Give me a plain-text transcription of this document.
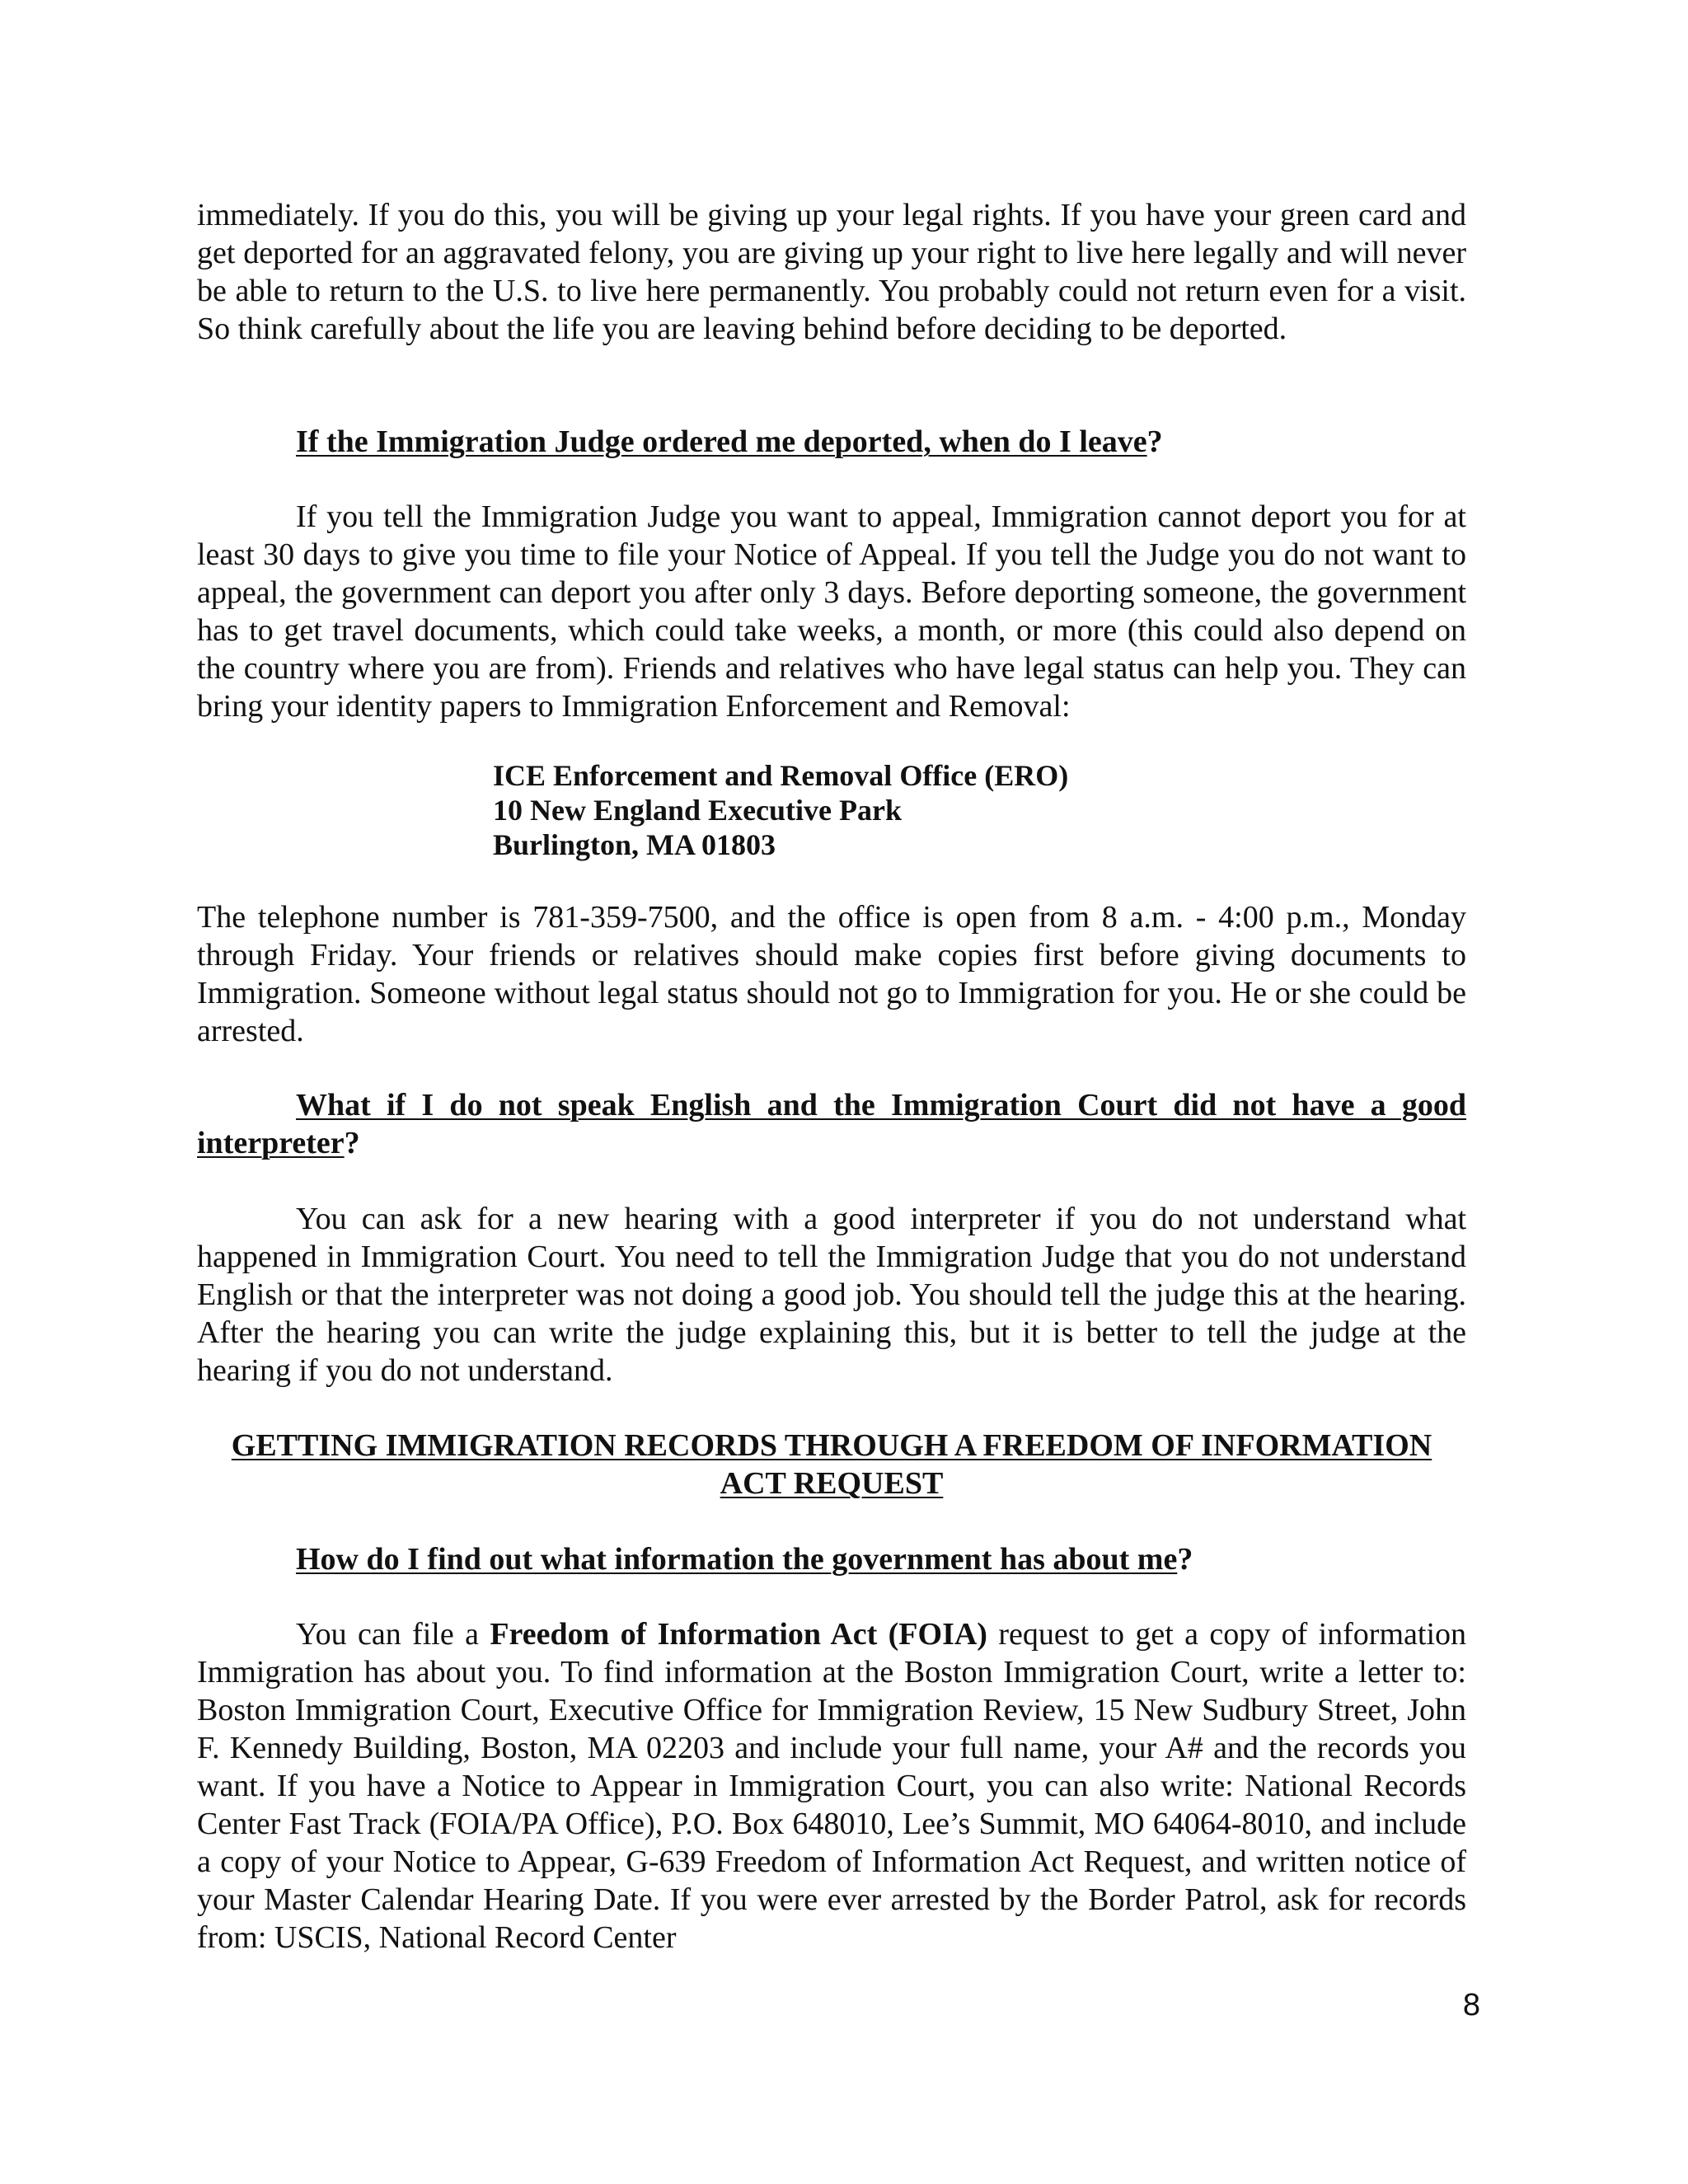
immediately. If you do this, you will be giving up your legal rights. If you have your green card and get deported for an aggravated felony, you are giving up your right to live here legally and will never be able to return to the U.S. to live here permanently. You probably could not return even for a visit. So think carefully about the life you are leaving behind before deciding to be deported.

If the Immigration Judge ordered me deported, when do I leave?

If you tell the Immigration Judge you want to appeal, Immigration cannot deport you for at least 30 days to give you time to file your Notice of Appeal. If you tell the Judge you do not want to appeal, the government can deport you after only 3 days. Before deporting someone, the government has to get travel documents, which could take weeks, a month, or more (this could also depend on the country where you are from). Friends and relatives who have legal status can help you. They can bring your identity papers to Immigration Enforcement and Removal:

ICE Enforcement and Removal Office (ERO)
10 New England Executive Park
Burlington, MA 01803

The telephone number is 781-359-7500, and the office is open from 8 a.m. - 4:00 p.m., Monday through Friday. Your friends or relatives should make copies first before giving documents to Immigration. Someone without legal status should not go to Immigration for you. He or she could be arrested.

What if I do not speak English and the Immigration Court did not have a good interpreter?

You can ask for a new hearing with a good interpreter if you do not understand what happened in Immigration Court. You need to tell the Immigration Judge that you do not understand English or that the interpreter was not doing a good job. You should tell the judge this at the hearing. After the hearing you can write the judge explaining this, but it is better to tell the judge at the hearing if you do not understand.

GETTING IMMIGRATION RECORDS THROUGH A FREEDOM OF INFORMATION ACT REQUEST

How do I find out what information the government has about me?

You can file a Freedom of Information Act (FOIA) request to get a copy of information Immigration has about you. To find information at the Boston Immigration Court, write a letter to: Boston Immigration Court, Executive Office for Immigration Review, 15 New Sudbury Street, John F. Kennedy Building, Boston, MA 02203 and include your full name, your A# and the records you want. If you have a Notice to Appear in Immigration Court, you can also write: National Records Center Fast Track (FOIA/PA Office), P.O. Box 648010, Lee’s Summit, MO 64064-8010, and include a copy of your Notice to Appear, G-639 Freedom of Information Act Request, and written notice of your Master Calendar Hearing Date. If you were ever arrested by the Border Patrol, ask for records from: USCIS, National Record Center

8
